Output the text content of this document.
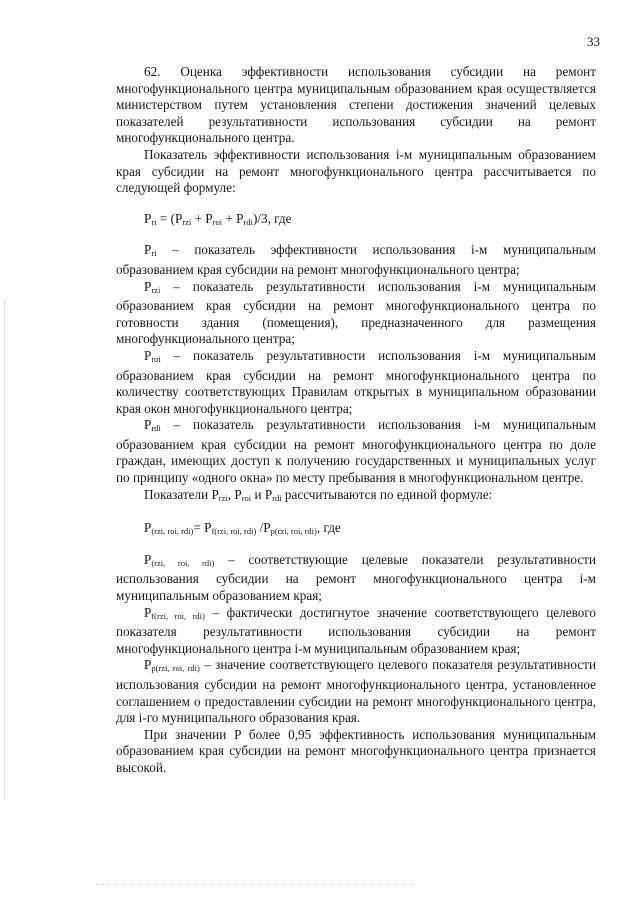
33

62. Оценка эффективности использования субсидии на ремонт многофункционального центра муниципальным образованием края осуществляется министерством путем установления степени достижения значений целевых показателей результативности использования субсидии на ремонт многофункционального центра.

Показатель эффективности использования i-м муниципальным образованием края субсидии на ремонт многофункционального центра рассчитывается по следующей формуле:

$P_{ri} = (P_{rzi} + P_{roi} + P_{rdi})/3$, где

$P_{ri}$ – показатель эффективности использования i-м муниципальным образованием края субсидии на ремонт многофункционального центра;

$P_{rzi}$ – показатель результативности использования i-м муниципальным образованием края субсидии на ремонт многофункционального центра по готовности здания (помещения), предназначенного для размещения многофункционального центра;

$P_{roi}$ – показатель результативности использования i-м муниципальным образованием края субсидии на ремонт многофункционального центра по количеству соответствующих Правилам открытых в муниципальном образовании края окон многофункционального центра;

$P_{rdi}$ – показатель результативности использования i-м муниципальным образованием края субсидии на ремонт многофункционального центра по доле граждан, имеющих доступ к получению государственных и муниципальных услуг по принципу «одного окна» по месту пребывания в многофункциональном центре.

Показатели $P_{rzi}$, $P_{roi}$ и $P_{rdi}$ рассчитываются по единой формуле:

$P_{(rzi, roi, rdi)}= P_{f(rzi, roi, rdi)}$ $/P_{p(rzi, roi, rdi)}$, где

$P_{(rzi, roi, rdi)}$ – соответствующие целевые показатели результативности использования субсидии на ремонт многофункционального центра i-м муниципальным образованием края;

$P_{f(rzi, roi, rdi)}$ – фактически достигнутое значение соответствующего целевого показателя результативности использования субсидии на ремонт многофункционального центра i-м муниципальным образованием края;

$P_{p(rzi, roi, rdi)}$ – значение соответствующего целевого показателя результативности использования субсидии на ремонт многофункционального центра, установленное соглашением о предоставлении субсидии на ремонт многофункционального центра, для i-го муниципального образования края.

При значении P более 0,95 эффективность использования муниципальным образованием края субсидии на ремонт многофункционального центра признается высокой.
